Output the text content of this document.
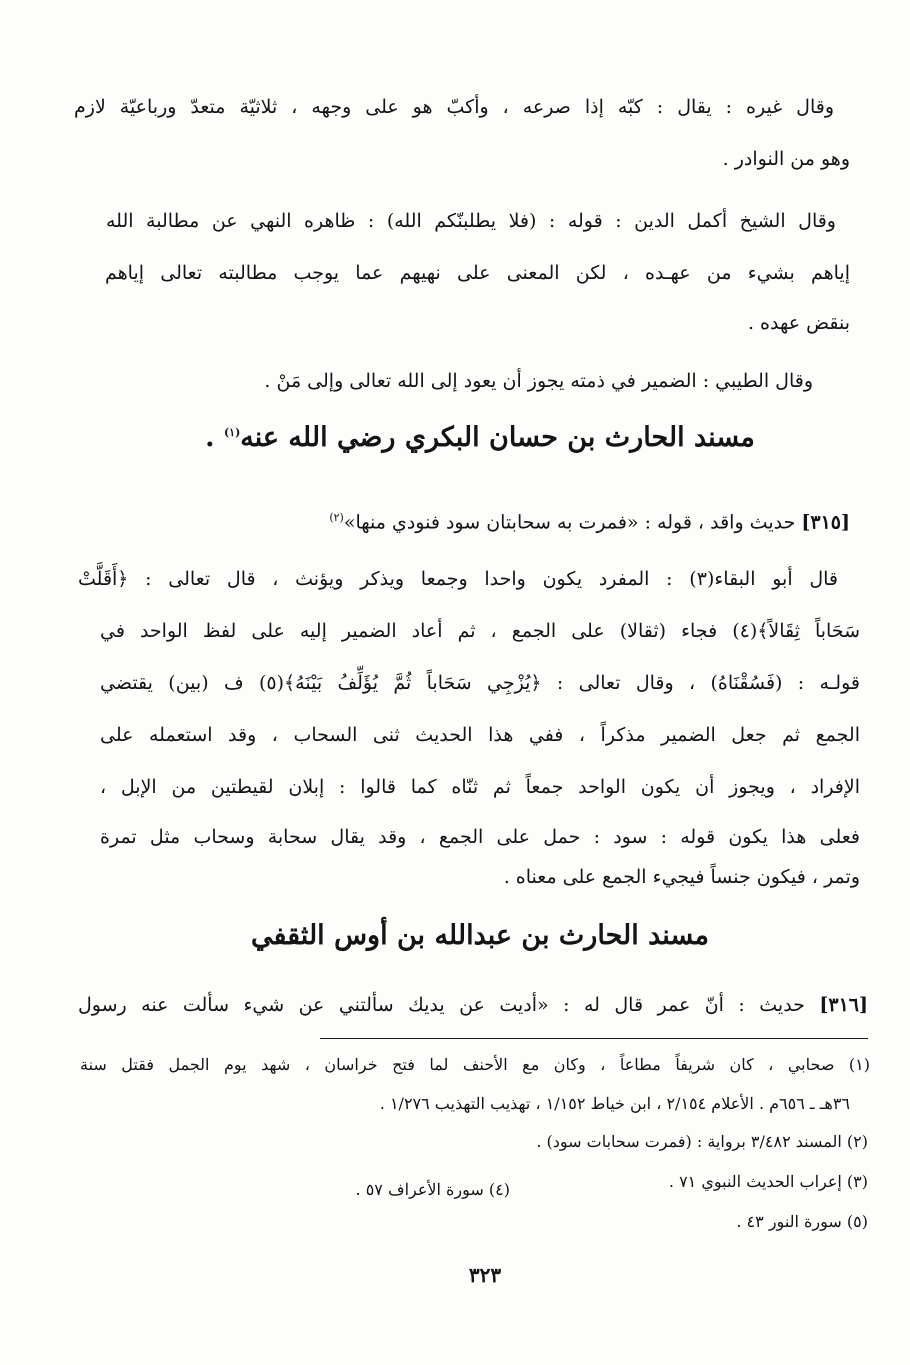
وقال غيره : يقال : كبّه إذا صرعه ، وأكبّ هو على وجهه ، ثلاثيّة متعدّ ورباعيّة لازم
وهو من النوادر .
وقال الشيخ أكمل الدين : قوله : (فلا يطلبنّكم الله) : ظاهره النهي عن مطالبة الله
إياهم بشيء من عهـده ، لكن المعنى على نهيهم عما يوجب مطالبته تعالى إياهم
بنقض عهده .
وقال الطيبي : الضمير في ذمته يجوز أن يعود إلى الله تعالى وإلى مَنْ .
مسند الحارث بن حسان البكري رضي الله عنه$^{(١)}$ .
[٣١٥] حديث واقد ، قوله : «فمرت به سحابتان سود فنودي منها»$^{(٢)}$
قال أبو البقاء(٣) : المفرد يكون واحدا وجمعا ويذكر ويؤنث ، قال تعالى : ﴿أَقَلَّتْ
سَحَاباً ثِقَالاً﴾(٤) فجاء (ثقالا) على الجمع ، ثم أعاد الضمير إليه على لفظ الواحد في
قولـه : (فَسُقْنَاهُ) ، وقال تعالى : ﴿يُزْجِي سَحَاباً ثُمَّ يُؤَلِّفُ بَيْنَهُ﴾(٥) ف (بين) يقتضي
الجمع ثم جعل الضمير مذكراً ، ففي هذا الحديث ثنى السحاب ، وقد استعمله على
الإفراد ، ويجوز أن يكون الواحد جمعاً ثم ثنّاه كما قالوا : إبلان لقيطتين من الإبل ،
فعلى هذا يكون قوله : سود : حمل على الجمع ، وقد يقال سحابة وسحاب مثل تمرة
وتمر ، فيكون جنساً فيجيء الجمع على معناه .
مسند الحارث بن عبدالله بن أوس الثقفي
[٣١٦] حديث : أنّ عمر قال له : «أديت عن يديك سألتني عن شيء سألت عنه رسول
(١) صحابي ، كان شريفاً مطاعاً ، وكان مع الأحنف لما فتح خراسان ، شهد يوم الجمل فقتل سنة
٣٦هـ ـ ٦٥٦م . الأعلام ٢/١٥٤ ، ابن خياط ١/١٥٢ ، تهذيب التهذيب ١/٢٧٦ .
(٢) المسند ٣/٤٨٢ برواية : (فمرت سحابات سود) .
(٣) إعراب الحديث النبوي ٧١ .
(٤) سورة الأعراف ٥٧ .
(٥) سورة النور ٤٣ .
٣٢٣
